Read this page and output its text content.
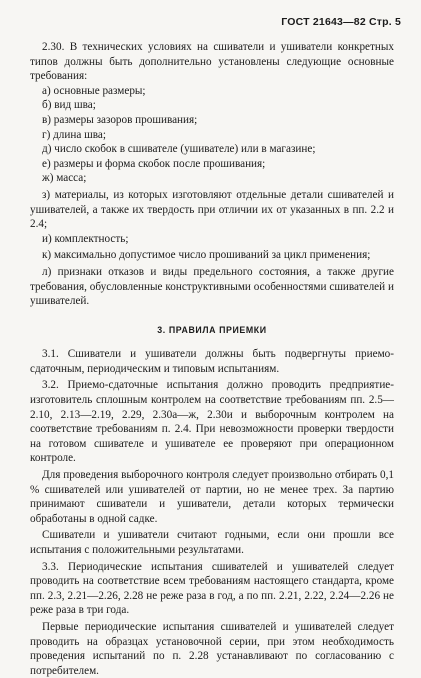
ГОСТ 21643—82 Стр. 5

2.30. В технических условиях на сшиватели и ушиватели конкретных типов должны быть дополнительно установлены следующие основные требования:

а) основные размеры;

б) вид шва;

в) размеры зазоров прошивания;

г) длина шва;

д) число скобок в сшивателе (ушивателе) или в магазине;

е) размеры и форма скобок после прошивания;

ж) масса;

з) материалы, из которых изготовляют отдельные детали сшивателей и ушивателей, а также их твердость при отличии их от указанных в пп. 2.2 и 2.4;

и) комплектность;

к) максимально допустимое число прошиваний за цикл применения;

л) признаки отказов и виды предельного состояния, а также другие требования, обусловленные конструктивными особенностями сшивателей и ушивателей.

3. ПРАВИЛА ПРИЕМКИ

3.1. Сшиватели и ушиватели должны быть подвергнуты приемо-сдаточным, периодическим и типовым испытаниям.

3.2. Приемо-сдаточные испытания должно проводить предприятие-изготовитель сплошным контролем на соответствие требованиям пп. 2.5—2.10, 2.13—2.19, 2.29, 2.30а—ж, 2.30и и выборочным контролем на соответствие требованиям п. 2.4. При невозможности проверки твердости на готовом сшивателе и ушивателе ее проверяют при операционном контроле.

Для проведения выборочного контроля следует произвольно отбирать 0,1 % сшивателей или ушивателей от партии, но не менее трех. За партию принимают сшиватели и ушиватели, детали которых термически обработаны в одной садке.

Сшиватели и ушиватели считают годными, если они прошли все испытания с положительными результатами.

3.3. Периодические испытания сшивателей и ушивателей следует проводить на соответствие всем требованиям настоящего стандарта, кроме пп. 2.3, 2.21—2.26, 2.28 не реже раза в год, а по пп. 2.21, 2.22, 2.24—2.26 не реже раза в три года.

Первые периодические испытания сшивателей и ушивателей следует проводить на образцах установочной серии, при этом необходимость проведения испытаний по п. 2.28 устанавливают по согласованию с потребителем.
